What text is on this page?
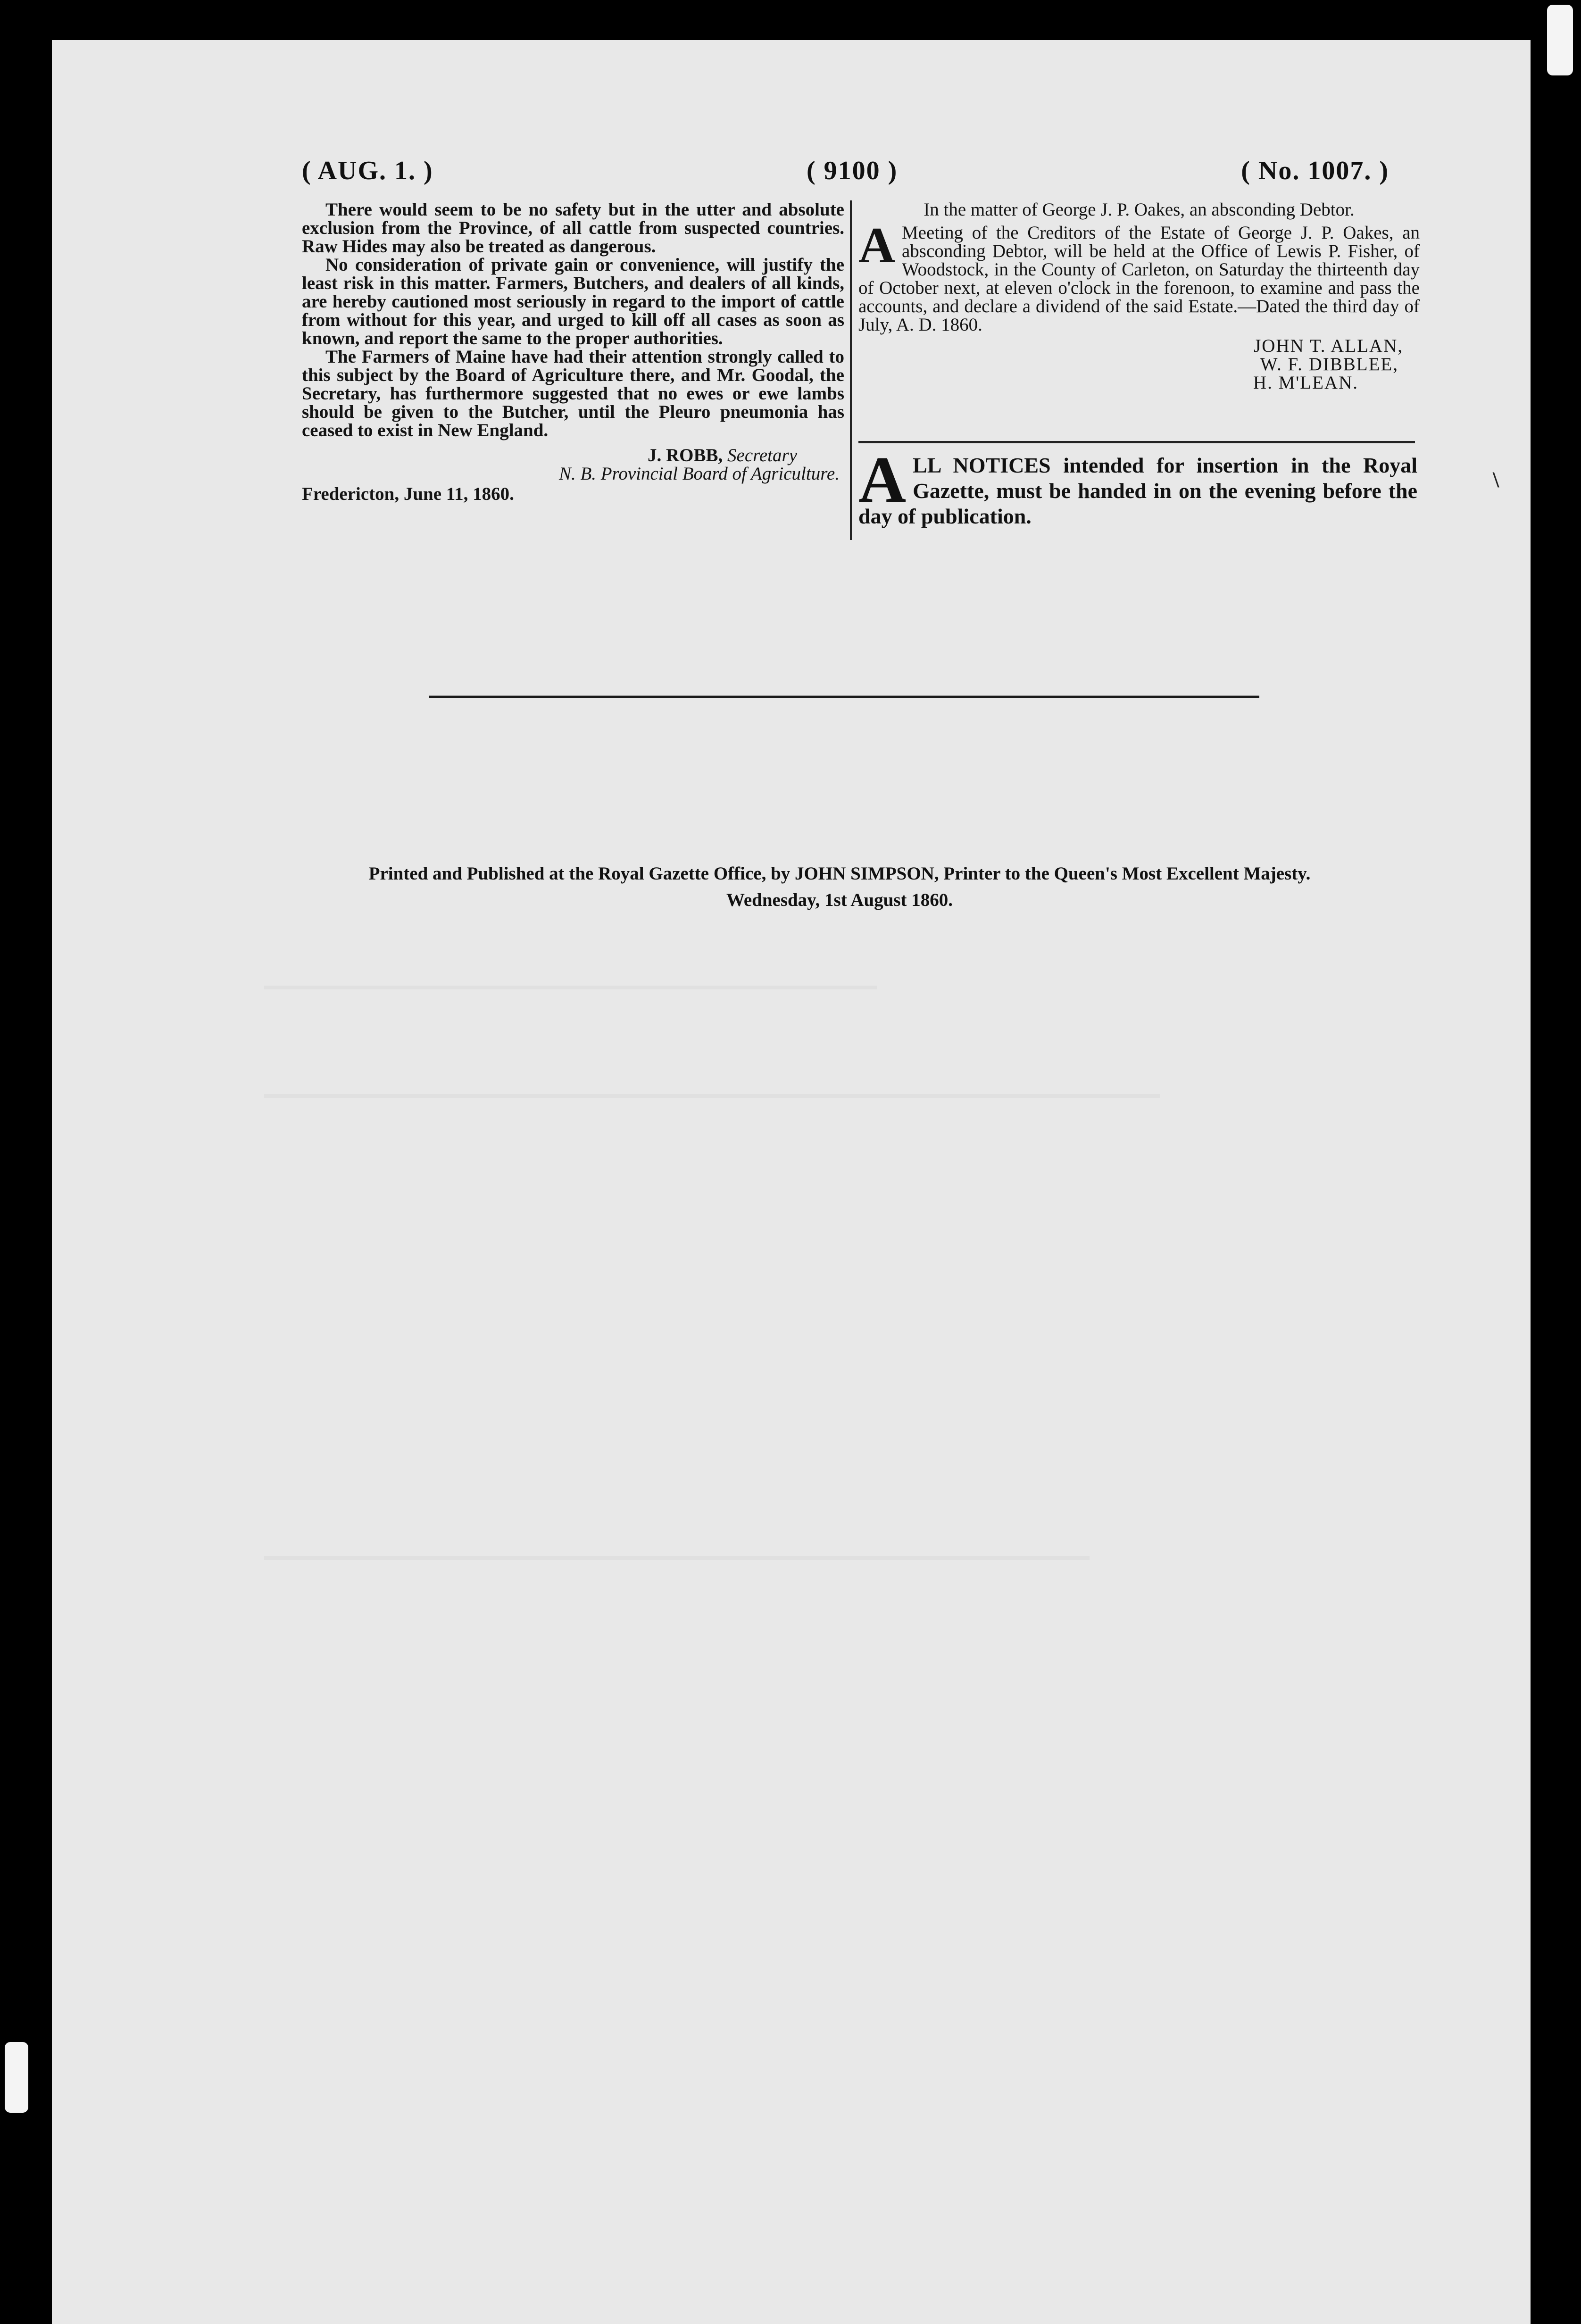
( AUG. 1. )	( 9100 )	( No. 1007. )

There would seem to be no safety but in the utter and absolute exclusion from the Province, of all cattle from suspected countries. Raw Hides may also be treated as dangerous.

No consideration of private gain or convenience, will justify the least risk in this matter. Farmers, Butchers, and dealers of all kinds, are hereby cautioned most seriously in regard to the import of cattle from without for this year, and urged to kill off all cases as soon as known, and report the same to the proper authorities.

The Farmers of Maine have had their attention strongly called to this subject by the Board of Agriculture there, and Mr. Goodal, the Secretary, has furthermore suggested that no ewes or ewe lambs should be given to the Butcher, until the Pleuro pneumonia has ceased to exist in New England.

J. ROBB, Secretary

N. B. Provincial Board of Agriculture.

Fredericton, June 11, 1860.

In the matter of George J. P. Oakes, an absconding Debtor.

A Meeting of the Creditors of the Estate of George J. P. Oakes, an absconding Debtor, will be held at the Office of Lewis P. Fisher, of Woodstock, in the County of Carleton, on Saturday the thirteenth day of October next, at eleven o'clock in the forenoon, to examine and pass the accounts, and declare a dividend of the said Estate.—Dated the third day of July, A. D. 1860.

JOHN T. ALLAN,

W. F. DIBBLEE,

H. M'LEAN.

A LL NOTICES intended for insertion in the Royal Gazette, must be handed in on the evening before the day of publication.
\

Printed and Published at the Royal Gazette Office, by JOHN SIMPSON, Printer to the Queen's Most Excellent Majesty.

Wednesday, 1st August 1860.
